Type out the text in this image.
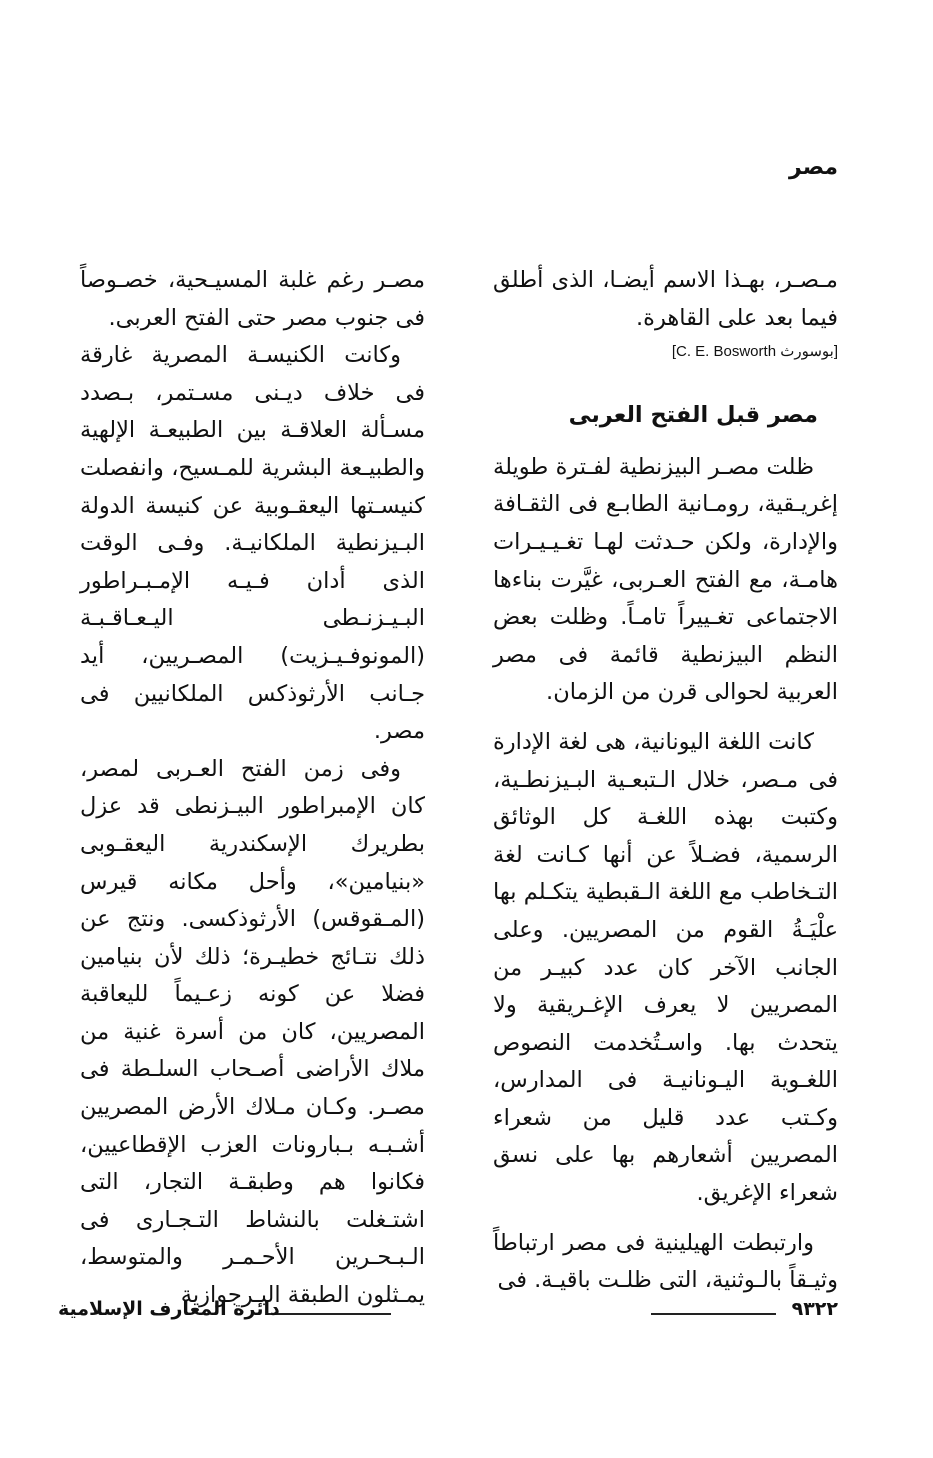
مصر

مـصـر، بهـذا الاسم أيضـا، الذى أطلق فيما بعد على القاهرة.

[بوسورث C. E. Bosworth]

مصر قبل الفتح العربى

ظلت مصـر البيزنطية لفـترة طويلة إغريـقية، رومـانية الطابـع فى الثقـافة والإدارة، ولكن حـدثت لهـا تغـيـيـرات هامـة، مع الفتح العـربى، غيَّرت بناءها الاجتماعى تغـييراً تامـاً. وظلت بعض النظم البيزنطية قائمة فى مصر العربية لحوالى قرن من الزمان.

كانت اللغة اليونانية، هى لغة الإدارة فى مـصر، خلال الـتبعـية البـيزنطـية، وكتبت بهذه اللغـة كل الوثائق الرسمية، فضـلاً عن أنها كـانت لغة التـخاطب مع اللغة الـقبطية يتكـلم بها علْيَـةُ القوم من المصريين. وعلى الجانب الآخر كان عدد كبيـر من المصريين لا يعرف الإغـريقية ولا يتحدث بها. واسـتُخدمت النصوص اللغـوية اليـونانيـة فى المدارس، وكـتب عدد قليل من شعراء المصريين أشعارهم بها على نسق شعراء الإغريق.

وارتبطت الهيلينية فى مصر ارتباطاً وثيـقاً بالـوثنية، التى ظلـت باقيـة. فى

مصـر رغم غلبة المسيـحية، خصـوصاً فى جنوب مصر حتى الفتح العربى.

وكانت الكنيسـة المصرية غارقة فى خلاف ديـنى مسـتمر، بـصدد مسـألة العلاقـة بين الطبيعـة الإلهية والطبيـعة البشرية للمـسيح، وانفصلت كنيسـتها اليعقـوبية عن كنيسة الدولة البـيزنطية الملكانيـة. وفـى الوقت الذى أدان فـيـه الإمـبـراطور البـيـزنـطى اليـعـاقـبـة (المونوفـيـزيت) المصـريين، أيد جـانب الأرثوذكس الملكانيين فى مصر.

وفى زمن الفتح العـربى لمصر، كان الإمبراطور البيـزنطى قد عزل بطريرك الإسكندرية اليعقـوبى «بنيامين»، وأحل مكانه قيرس (المـقوقس) الأرثوذكسى. ونتج عن ذلك نتـائج خطيـرة؛ ذلك لأن بنيامين فضلا عن كونه زعـيماً للیعاقبة المصريين، كان من أسرة غنية من ملاك الأراضى أصـحاب السلـطة فى مصـر. وكـان مـلاك الأرض المصريين أشـبـه بـبارونات العزب الإقطاعيين، فكانوا هم وطبقـة التجار، التى اشتـغلت بالنشاط التـجـارى فى الـبـحـرين الأحـمـر والمتوسط، يمـثلون الطبقة البـرجوازية

٩٣٢٢
دائرة المعارف الإسلامية
